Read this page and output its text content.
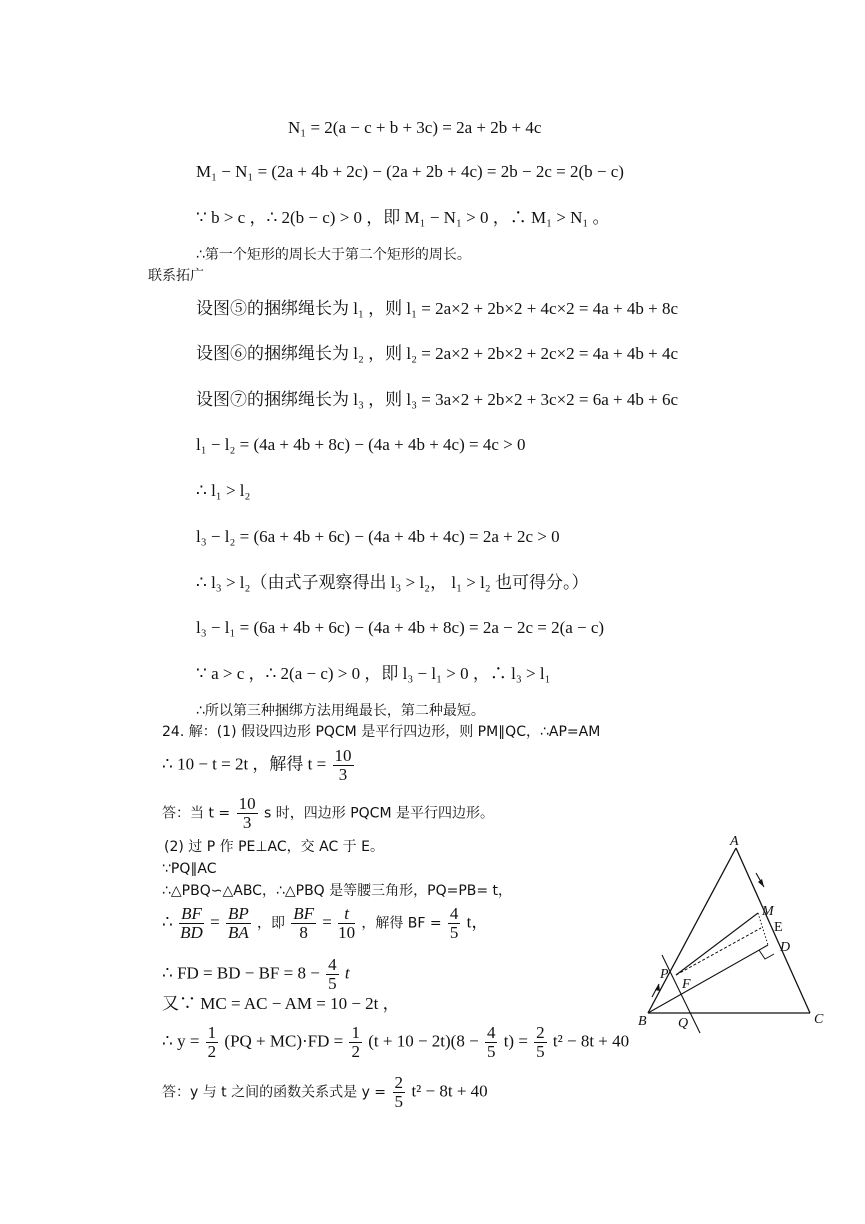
N₁ = 2(a − c + b + 3c) = 2a + 2b + 4c
M₁ − N₁ = (2a + 4b + 2c) − (2a + 2b + 4c) = 2b − 2c = 2(b − c)
∵ b > c ，∴ 2(b − c) > 0 ，即 M₁ − N₁ > 0 ，∴ M₁ > N₁ 。
∴第一个矩形的周长大于第二个矩形的周长。
联系拓广
设图⑤的捆绑绳长为 l₁ ，则 l₁ = 2a×2 + 2b×2 + 4c×2 = 4a + 4b + 8c
设图⑥的捆绑绳长为 l₂ ，则 l₂ = 2a×2 + 2b×2 + 2c×2 = 4a + 4b + 4c
设图⑦的捆绑绳长为 l₃ ，则 l₃ = 3a×2 + 2b×2 + 3c×2 = 6a + 4b + 6c
l₁ − l₂ = (4a + 4b + 8c) − (4a + 4b + 4c) = 4c > 0
∴ l₁ > l₂
l₃ − l₂ = (6a + 4b + 6c) − (4a + 4b + 4c) = 2a + 2c > 0
∴ l₃ > l₂（由式子观察得出 l₃ > l₂， l₁ > l₂ 也可得分。）
l₃ − l₁ = (6a + 4b + 6c) − (4a + 4b + 8c) = 2a − 2c = 2(a − c)
∵ a > c ，∴ 2(a − c) > 0 ，即 l₃ − l₁ > 0 ，∴ l₃ > l₁
∴所以第三种捆绑方法用绳最长，第二种最短。
24. 解：(1) 假设四边形 PQCM 是平行四边形，则 PM∥QC，∴AP=AM
∴ 10 − t = 2t ，解得 $t = \frac{10}{3}$
答：当 $t = \frac{10}{3}$ s 时，四边形 PQCM 是平行四边形。
(2) 过 P 作 PE⊥AC，交 AC 于 E。
∵PQ∥AC
∴△PBQ∽△ABC，∴△PBQ 是等腰三角形，PQ=PB= t，
∴ $\frac{BF}{BD} = \frac{BP}{BA}$ ，即 $\frac{BF}{8} = \frac{t}{10}$ ，解得 BF = $\frac{4}{5}$ t，
∴ FD = BD − BF = $8 - \frac{4}{5}$ t
又∵ MC = AC − AM = 10 − 2t ，
∴ $y = \frac{1}{2} (PQ + MC)\cdot FD = \frac{1}{2} (t + 10 - 2t)(8 - \frac{4}{5} t) = \frac{2}{5} t^2 - 8t + 40$
答：y 与 t 之间的函数关系式是 $y = \frac{2}{5} t^2 - 8t + 40$
A
B	C
P
Q
M
E
D
F
